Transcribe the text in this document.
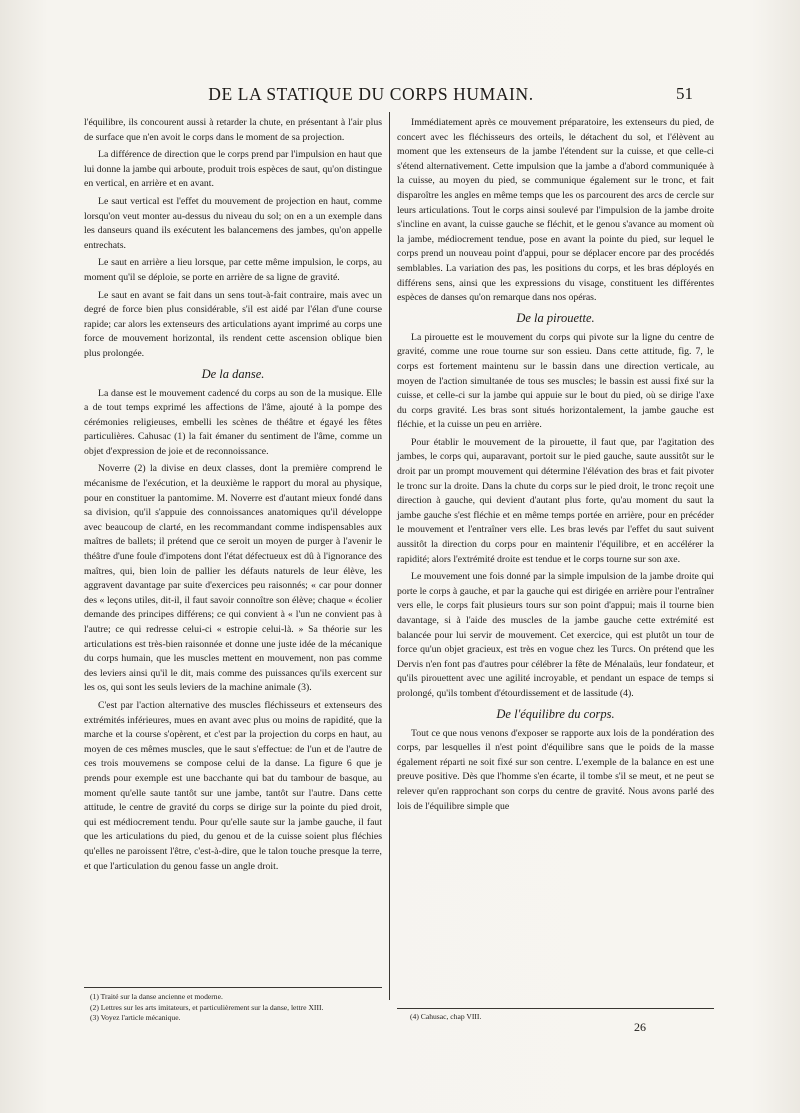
DE LA STATIQUE DU CORPS HUMAIN.	51

l'équilibre, ils concourent aussi à retarder la chute, en présentant à l'air plus de surface que n'en avoit le corps dans le moment de sa projection.

La différence de direction que le corps prend par l'impulsion en haut que lui donne la jambe qui arboute, produit trois espèces de saut, qu'on distingue en vertical, en arrière et en avant.

Le saut vertical est l'effet du mouvement de projection en haut, comme lorsqu'on veut monter au-dessus du niveau du sol; on en a un exemple dans les danseurs quand ils exécutent les balancemens des jambes, qu'on appelle entrechats.

Le saut en arrière a lieu lorsque, par cette même impulsion, le corps, au moment qu'il se déploie, se porte en arrière de sa ligne de gravité.

Le saut en avant se fait dans un sens tout-à-fait contraire, mais avec un degré de force bien plus considérable, s'il est aidé par l'élan d'une course rapide; car alors les extenseurs des articulations ayant imprimé au corps une force de mouvement horizontal, ils rendent cette ascension oblique bien plus prolongée.

De la danse.

La danse est le mouvement cadencé du corps au son de la musique. Elle a de tout temps exprimé les affections de l'âme, ajouté à la pompe des cérémonies religieuses, embelli les scènes de théâtre et égayé les fêtes particulières. Cahusac (1) la fait émaner du sentiment de l'âme, comme un objet d'expression de joie et de reconnoissance.

Noverre (2) la divise en deux classes, dont la première comprend le mécanisme de l'exécution, et la deuxième le rapport du moral au physique, pour en constituer la pantomime. M. Noverre est d'autant mieux fondé dans sa division, qu'il s'appuie des connoissances anatomiques qu'il développe avec beaucoup de clarté, en les recommandant comme indispensables aux maîtres de ballets; il prétend que ce seroit un moyen de purger à l'avenir le théâtre d'une foule d'impotens dont l'état défectueux est dû à l'ignorance des maîtres, qui, bien loin de pallier les défauts naturels de leur élève, les aggravent davantage par suite d'exercices peu raisonnés; « car pour donner des « leçons utiles, dit-il, il faut savoir connoître son élève; chaque « écolier demande des principes différens; ce qui convient à « l'un ne convient pas à l'autre; ce qui redresse celui-ci « estropie celui-là. » Sa théorie sur les articulations est très-bien raisonnée et donne une juste idée de la mécanique du corps humain, que les muscles mettent en mouvement, non pas comme des leviers ainsi qu'il le dit, mais comme des puissances qu'ils exercent sur les os, qui sont les seuls leviers de la machine animale (3).

C'est par l'action alternative des muscles fléchisseurs et extenseurs des extrémités inférieures, mues en avant avec plus ou moins de rapidité, que la marche et la course s'opèrent, et c'est par la projection du corps en haut, au moyen de ces mêmes muscles, que le saut s'effectue: de l'un et de l'autre de ces trois mouvemens se compose celui de la danse. La figure 6 que je prends pour exemple est une bacchante qui bat du tambour de basque, au moment qu'elle saute tantôt sur une jambe, tantôt sur l'autre. Dans cette attitude, le centre de gravité du corps se dirige sur la pointe du pied droit, qui est médiocrement tendu. Pour qu'elle saute sur la jambe gauche, il faut que les articulations du pied, du genou et de la cuisse soient plus fléchies qu'elles ne paroissent l'être, c'est-à-dire, que le talon touche presque la terre, et que l'articulation du genou fasse un angle droit.

Immédiatement après ce mouvement préparatoire, les extenseurs du pied, de concert avec les fléchisseurs des orteils, le détachent du sol, et l'élèvent au moment que les extenseurs de la jambe l'étendent sur la cuisse, et que celle-ci s'étend alternativement. Cette impulsion que la jambe a d'abord communiquée à la cuisse, au moyen du pied, se communique également sur le tronc, et fait disparoître les angles en même temps que les os parcourent des arcs de cercle sur leurs articulations. Tout le corps ainsi soulevé par l'impulsion de la jambe droite s'incline en avant, la cuisse gauche se fléchit, et le genou s'avance au moment où la jambe, médiocrement tendue, pose en avant la pointe du pied, sur lequel le corps prend un nouveau point d'appui, pour se déplacer encore par des procédés semblables. La variation des pas, les positions du corps, et les bras déployés en différens sens, ainsi que les expressions du visage, constituent les différentes espèces de danses qu'on remarque dans nos opéras.

De la pirouette.

La pirouette est le mouvement du corps qui pivote sur la ligne du centre de gravité, comme une roue tourne sur son essieu. Dans cette attitude, fig. 7, le corps est fortement maintenu sur le bassin dans une direction verticale, au moyen de l'action simultanée de tous ses muscles; le bassin est aussi fixé sur la cuisse, et celle-ci sur la jambe qui appuie sur le bout du pied, où se dirige l'axe du corps gravité. Les bras sont situés horizontalement, la jambe gauche est fléchie, et la cuisse un peu en arrière.

Pour établir le mouvement de la pirouette, il faut que, par l'agitation des jambes, le corps qui, auparavant, portoit sur le pied gauche, saute aussitôt sur le droit par un prompt mouvement qui détermine l'élévation des bras et fait pivoter le tronc sur la droite. Dans la chute du corps sur le pied droit, le tronc reçoit une direction à gauche, qui devient d'autant plus forte, qu'au moment du saut la jambe gauche s'est fléchie et en même temps portée en arrière, pour en précéder le mouvement et l'entraîner vers elle. Les bras levés par l'effet du saut suivent aussitôt la direction du corps pour en maintenir l'équilibre, et en accélérer la rapidité; alors l'extrémité droite est tendue et le corps tourne sur son axe.

Le mouvement une fois donné par la simple impulsion de la jambe droite qui porte le corps à gauche, et par la gauche qui est dirigée en arrière pour l'entraîner vers elle, le corps fait plusieurs tours sur son point d'appui; mais il tourne bien davantage, si à l'aide des muscles de la jambe gauche cette extrémité est balancée pour lui servir de mouvement. Cet exercice, qui est plutôt un tour de force qu'un objet gracieux, est très en vogue chez les Turcs. On prétend que les Dervis n'en font pas d'autres pour célébrer la fête de Ménalaüs, leur fondateur, et qu'ils pirouettent avec une agilité incroyable, et pendant un espace de temps si prolongé, qu'ils tombent d'étourdissement et de lassitude (4).

De l'équilibre du corps.

Tout ce que nous venons d'exposer se rapporte aux lois de la pondération des corps, par lesquelles il n'est point d'équilibre sans que le poids de la masse également réparti ne soit fixé sur son centre. L'exemple de la balance en est une preuve positive. Dès que l'homme s'en écarte, il tombe s'il se meut, et ne peut se relever qu'en rapprochant son corps du centre de gravité. Nous avons parlé des lois de l'équilibre simple que

(1) Traité sur la danse ancienne et moderne.
(2) Lettres sur les arts imitateurs, et particulièrement sur la danse, lettre XIII.
(3) Voyez l'article mécanique.	(4) Cahusac, chap VIII.
26
